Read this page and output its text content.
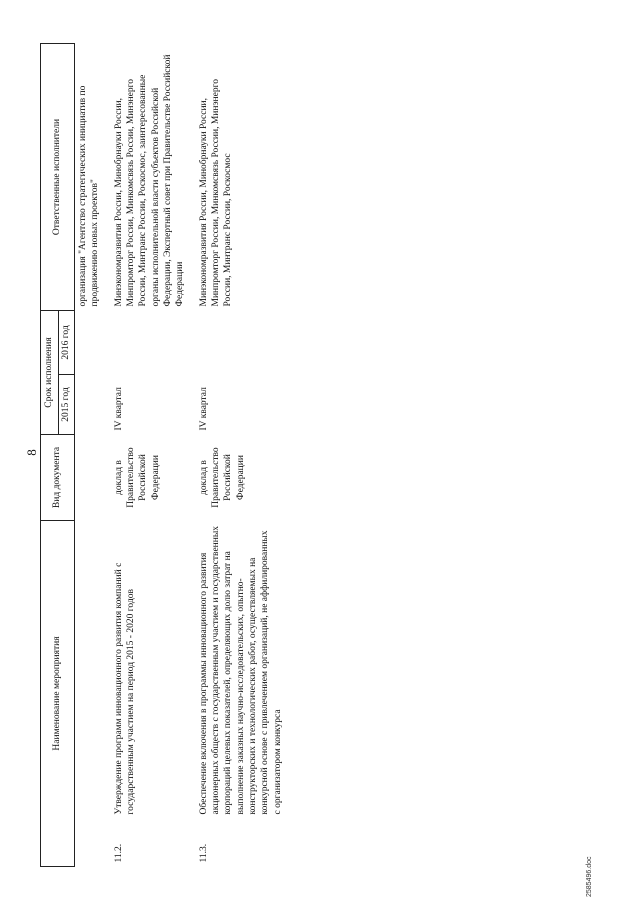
8
Наименование мероприятия		Вид документа	Срок исполнения		Ответственные исполнители
			2015 год	2016 год	
					организация "Агентство стратегических инициатив по продвижению новых проектов"
11.2.	Утверждение программ инновационного развития компаний с государственным участием на период 2015 - 2020 годов	доклад в Правительство Российской Федерации	IV квартал		Минэкономразвития России, Минобрнауки России, Минпромторг России, Минкомсвязь России, Минэнерго России, Минтранс России, Роскосмос, заинтересованные органы исполнительной власти субъектов Российской Федерации, Экспертный совет при Правительстве Российской Федерации
11.3.	Обеспечение включения в программы инновационного развития акционерных обществ с государственным участием и государственных корпораций целевых показателей, определяющих долю затрат на выполнение заказных научно-исследовательских, опытно-конструкторских и технологических работ, осуществляемых на конкурсной основе с привлечением организаций, не аффилированных с организатором конкурса	доклад в Правительство Российской Федерации	IV квартал		Минэкономразвития России, Минобрнауки России, Минпромторг России, Минкомсвязь России, Минэнерго России, Минтранс России, Роскосмос
2585496.doc
